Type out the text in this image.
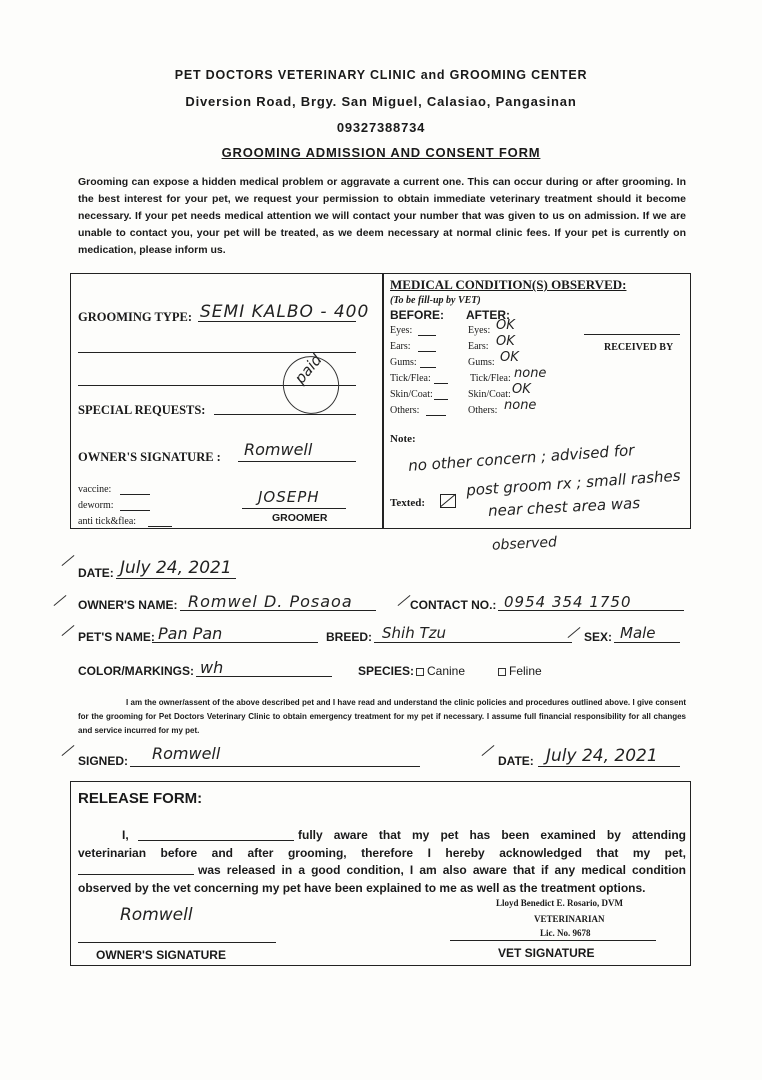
PET DOCTORS VETERINARY CLINIC and GROOMING CENTER
Diversion Road, Brgy. San Miguel, Calasiao, Pangasinan
09327388734
GROOMING ADMISSION AND CONSENT FORM
Grooming can expose a hidden medical problem or aggravate a current one. This can occur during or after grooming. In the best interest for your pet, we request your permission to obtain immediate veterinary treatment should it become necessary. If your pet needs medical attention we will contact your number that was given to us on admission. If we are unable to contact you, your pet will be treated, as we deem necessary at normal clinic fees. If your pet is currently on medication, please inform us.
GROOMING TYPE: SEMI KALBO - 400
paid
SPECIAL REQUESTS:
OWNER'S SIGNATURE : Romwell
vaccine:
deworm:
anti tick&flea:
JOSEPH
GROOMER
MEDICAL CONDITION(S) OBSERVED:
(To be fill-up by VET)
BEFORE: AFTER:
RECEIVED BY
Eyes:	Eyes: OK
Ears:	Ears: OK
Gums:	Gums: OK
Tick/Flea:	Tick/Flea: none
Skin/Coat:	Skin/Coat: OK
Others:	Others: none
Note:
no other concern ; advised for
post groom rx ; small rashes
near chest area was
observed
Texted:
DATE: July 24, 2021
OWNER'S NAME: Romwel D. Posaoa	CONTACT NO.: 0954 354 1750
PET'S NAME: Pan Pan	BREED: Shih Tzu	SEX: Male
COLOR/MARKINGS: wh	SPECIES:	Canine	Feline
I am the owner/assent of the above described pet and I have read and understand the clinic policies and procedures outlined above. I give consent for the grooming for Pet Doctors Veterinary Clinic to obtain emergency treatment for my pet if necessary. I assume full financial responsibility for all changes and service incurred for my pet.
SIGNED: Romwell	DATE: July 24, 2021
RELEASE FORM:
I,	fully aware that my pet has been examined by attending
veterinarian before and after grooming, therefore I hereby acknowledged that my pet,
was released in a good condition, I am also aware that if any medical condition
observed by the vet concerning my pet have been explained to me as well as the treatment options.
Romwell
OWNER'S SIGNATURE
Lloyd Benedict E. Rosario, DVM
VETERINARIAN
Lic. No. 9678
VET SIGNATURE
